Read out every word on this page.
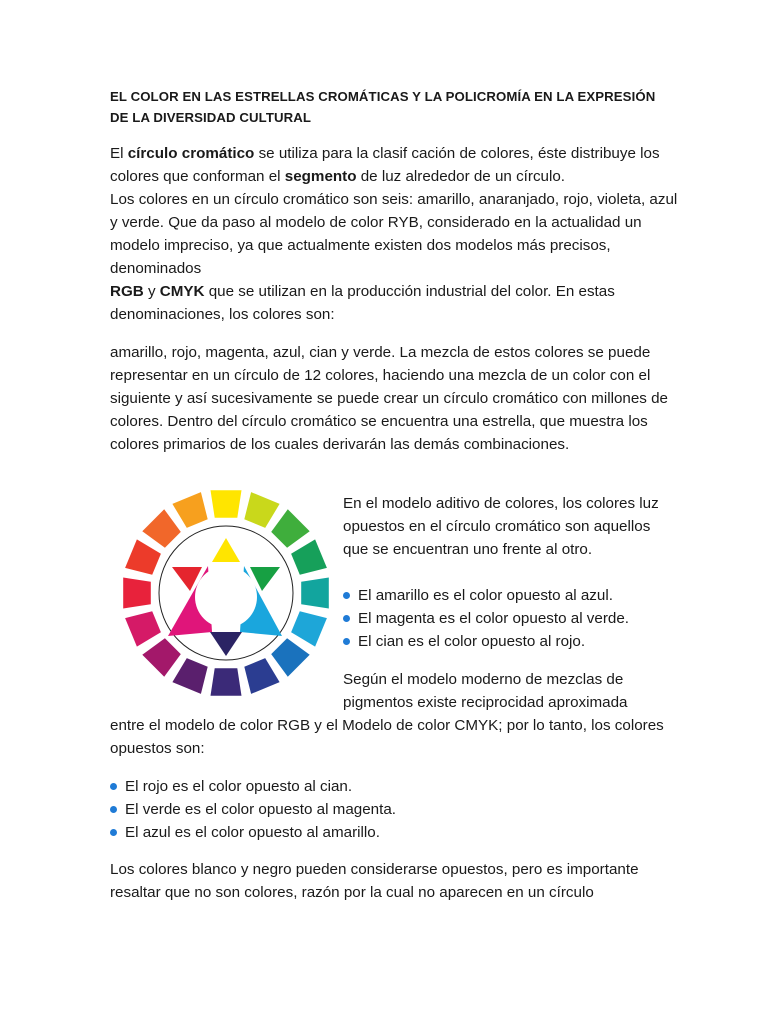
EL COLOR EN LAS ESTRELLAS CROMÁTICAS Y LA POLICROMÍA EN LA EXPRESIÓN DE LA DIVERSIDAD CULTURAL
El círculo cromático se utiliza para la clasif cación de colores, éste distribuye los colores que conforman el segmento de luz alrededor de un círculo.
Los colores en un círculo cromático son seis: amarillo, anaranjado, rojo, violeta, azul y verde. Que da paso al modelo de color RYB, considerado en la actualidad un modelo impreciso, ya que actualmente existen dos modelos más precisos, denominados
RGB y CMYK que se utilizan en la producción industrial del color. En estas denominaciones, los colores son:
amarillo, rojo, magenta, azul, cian y verde. La mezcla de estos colores se puede representar en un círculo de 12 colores, haciendo una mezcla de un color con el siguiente y así sucesivamente se puede crear un círculo cromático con millones de colores. Dentro del círculo cromático se encuentra una estrella, que muestra los colores primarios de los cuales derivarán las demás combinaciones.
En el modelo aditivo de colores, los colores luz opuestos en el círculo cromático son aquellos que se encuentran uno frente al otro.
El amarillo es el color opuesto al azul.
El magenta es el color opuesto al verde.
El cian es el color opuesto al rojo.
Según el modelo moderno de mezclas de pigmentos existe reciprocidad aproximada
entre el modelo de color RGB y el Modelo de color CMYK; por lo tanto, los colores opuestos son:
El rojo es el color opuesto al cian.
El verde es el color opuesto al magenta.
El azul es el color opuesto al amarillo.
Los colores blanco y negro pueden considerarse opuestos, pero es importante resaltar que no son colores, razón por la cual no aparecen en un círculo
